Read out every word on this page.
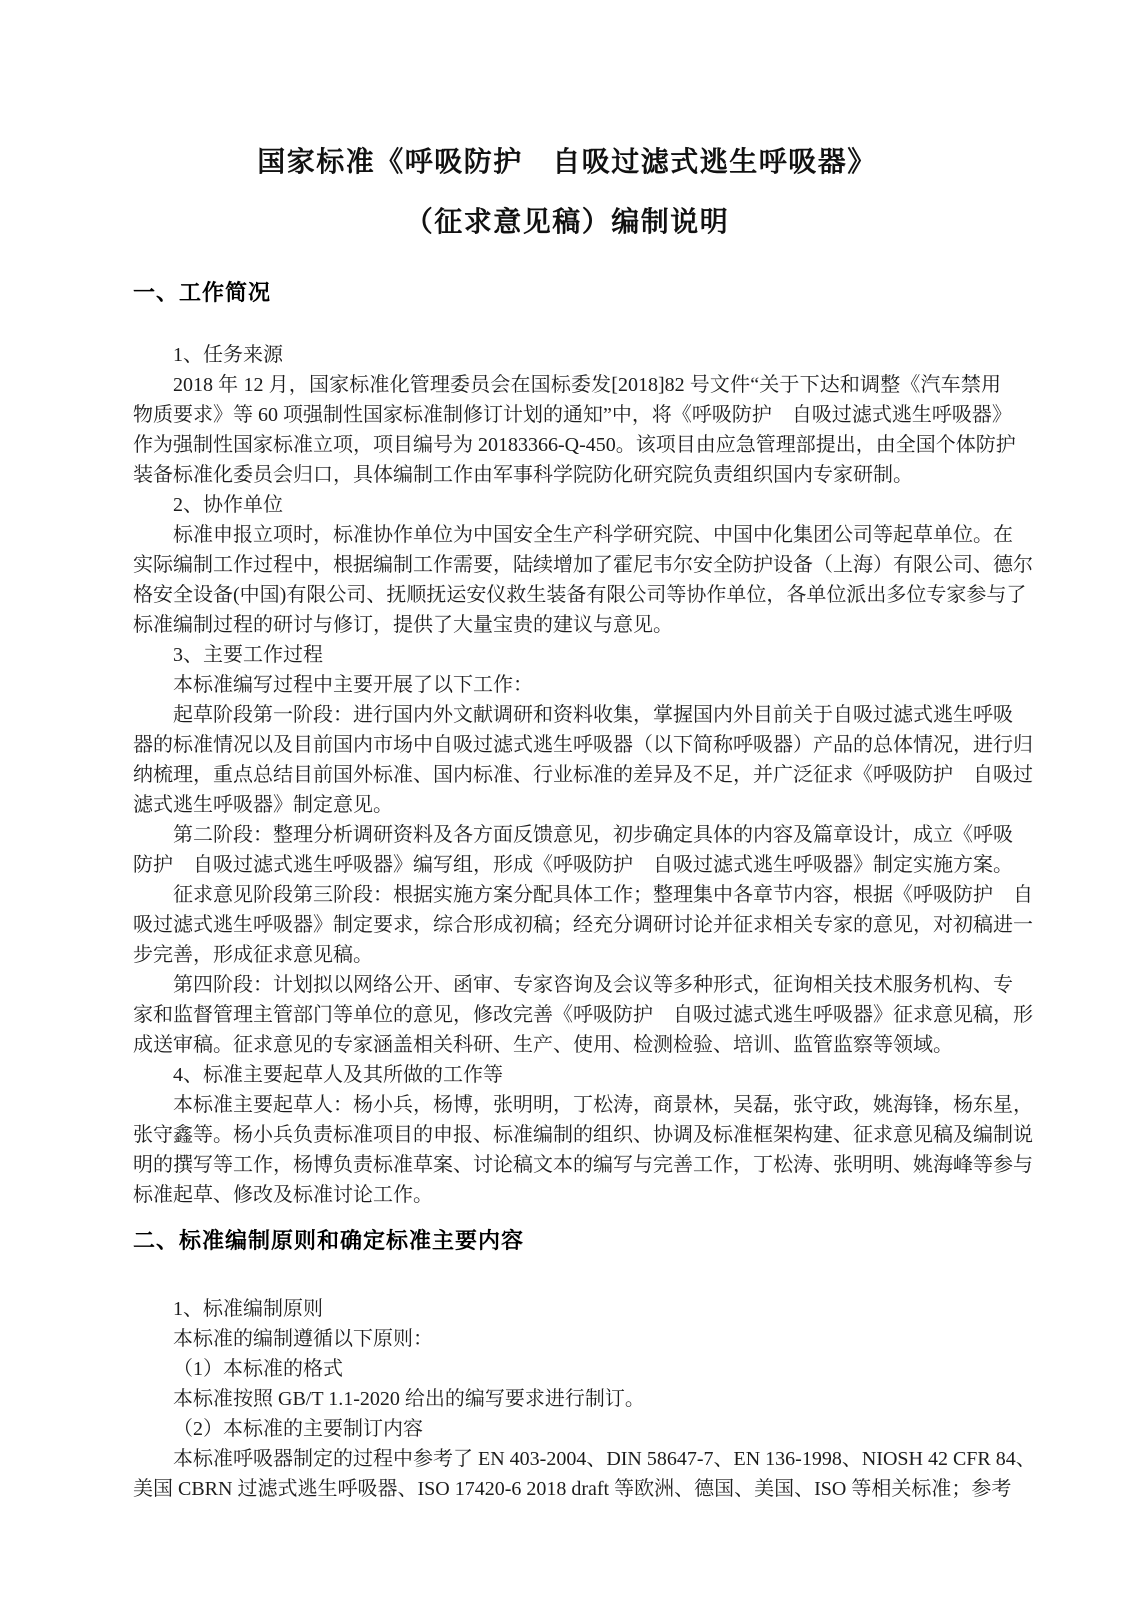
国家标准《呼吸防护　自吸过滤式逃生呼吸器》
（征求意见稿）编制说明
一、工作简况
1、任务来源
2018 年 12 月，国家标准化管理委员会在国标委发[2018]82 号文件“关于下达和调整《汽车禁用
物质要求》等 60 项强制性国家标准制修订计划的通知”中，将《呼吸防护　自吸过滤式逃生呼吸器》
作为强制性国家标准立项，项目编号为 20183366-Q-450。该项目由应急管理部提出，由全国个体防护
装备标准化委员会归口，具体编制工作由军事科学院防化研究院负责组织国内专家研制。
2、协作单位
标准申报立项时，标准协作单位为中国安全生产科学研究院、中国中化集团公司等起草单位。在
实际编制工作过程中，根据编制工作需要，陆续增加了霍尼韦尔安全防护设备（上海）有限公司、德尔
格安全设备(中国)有限公司、抚顺抚运安仪救生装备有限公司等协作单位，各单位派出多位专家参与了
标准编制过程的研讨与修订，提供了大量宝贵的建议与意见。
3、主要工作过程
本标准编写过程中主要开展了以下工作：
起草阶段第一阶段：进行国内外文献调研和资料收集，掌握国内外目前关于自吸过滤式逃生呼吸
器的标准情况以及目前国内市场中自吸过滤式逃生呼吸器（以下简称呼吸器）产品的总体情况，进行归
纳梳理，重点总结目前国外标准、国内标准、行业标准的差异及不足，并广泛征求《呼吸防护　自吸过
滤式逃生呼吸器》制定意见。
第二阶段：整理分析调研资料及各方面反馈意见，初步确定具体的内容及篇章设计，成立《呼吸
防护　自吸过滤式逃生呼吸器》编写组，形成《呼吸防护　自吸过滤式逃生呼吸器》制定实施方案。
征求意见阶段第三阶段：根据实施方案分配具体工作；整理集中各章节内容，根据《呼吸防护　自
吸过滤式逃生呼吸器》制定要求，综合形成初稿；经充分调研讨论并征求相关专家的意见，对初稿进一
步完善，形成征求意见稿。
第四阶段：计划拟以网络公开、函审、专家咨询及会议等多种形式，征询相关技术服务机构、专
家和监督管理主管部门等单位的意见，修改完善《呼吸防护　自吸过滤式逃生呼吸器》征求意见稿，形
成送审稿。征求意见的专家涵盖相关科研、生产、使用、检测检验、培训、监管监察等领域。
4、标准主要起草人及其所做的工作等
本标准主要起草人：杨小兵，杨博，张明明，丁松涛，商景林，吴磊，张守政，姚海锋，杨东星，
张守鑫等。杨小兵负责标准项目的申报、标准编制的组织、协调及标准框架构建、征求意见稿及编制说
明的撰写等工作，杨博负责标准草案、讨论稿文本的编写与完善工作，丁松涛、张明明、姚海峰等参与
标准起草、修改及标准讨论工作。
二、标准编制原则和确定标准主要内容
1、标准编制原则
本标准的编制遵循以下原则：
（1）本标准的格式
本标准按照 GB/T 1.1-2020 给出的编写要求进行制订。
（2）本标准的主要制订内容
本标准呼吸器制定的过程中参考了 EN 403-2004、DIN 58647-7、EN 136-1998、NIOSH 42 CFR 84、
美国 CBRN 过滤式逃生呼吸器、ISO 17420-6 2018 draft 等欧洲、德国、美国、ISO 等相关标准；参考
